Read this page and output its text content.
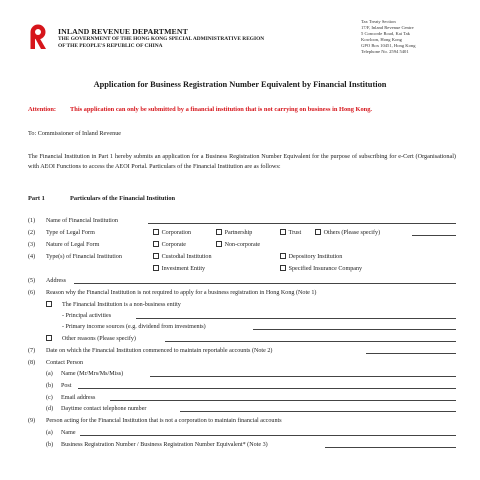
INLAND REVENUE DEPARTMENT
THE GOVERNMENT OF THE HONG KONG SPECIAL ADMINISTRATIVE REGION
OF THE PEOPLE'S REPUBLIC OF CHINA
Tax Treaty Section
17/F, Inland Revenue Centre
5 Concorde Road, Kai Tak
Kowloon, Hong Kong
GPO Box 10451, Hong Kong
Telephone No. 2594 5401
Application for Business Registration Number Equivalent by Financial Institution
Attention: This application can only be submitted by a financial institution that is not carrying on business in Hong Kong.
To: Commissioner of Inland Revenue
The Financial Institution in Part 1 hereby submits an application for a Business Registration Number Equivalent for the purpose of subscribing for e-Cert (Organisational) with AEOI Functions to access the AEOI Portal. Particulars of the Financial Institution are as follows:
Part 1	Particulars of the Financial Institution
(1) Name of Financial Institution
(2) Type of Legal Form	Corporation	Partnership	Trust	Others (Please specify)
(3) Nature of Legal Form	Corporate	Non-corporate
(4) Type(s) of Financial Institution	Custodial Institution	Depository Institution
Investment Entity	Specified Insurance Company
(5) Address
(6) Reason why the Financial Institution is not required to apply for a business registration in Hong Kong (Note 1)
The Financial Institution is a non-business entity
- Principal activities
- Primary income sources (e.g. dividend from investments)
Other reasons (Please specify)
(7) Date on which the Financial Institution commenced to maintain reportable accounts (Note 2)
(8) Contact Person
(a) Name (Mr/Mrs/Ms/Miss)
(b) Post
(c) Email address
(d) Daytime contact telephone number
(9) Person acting for the Financial Institution that is not a corporation to maintain financial accounts
(a) Name
(b) Business Registration Number / Business Registration Number Equivalent* (Note 3)
